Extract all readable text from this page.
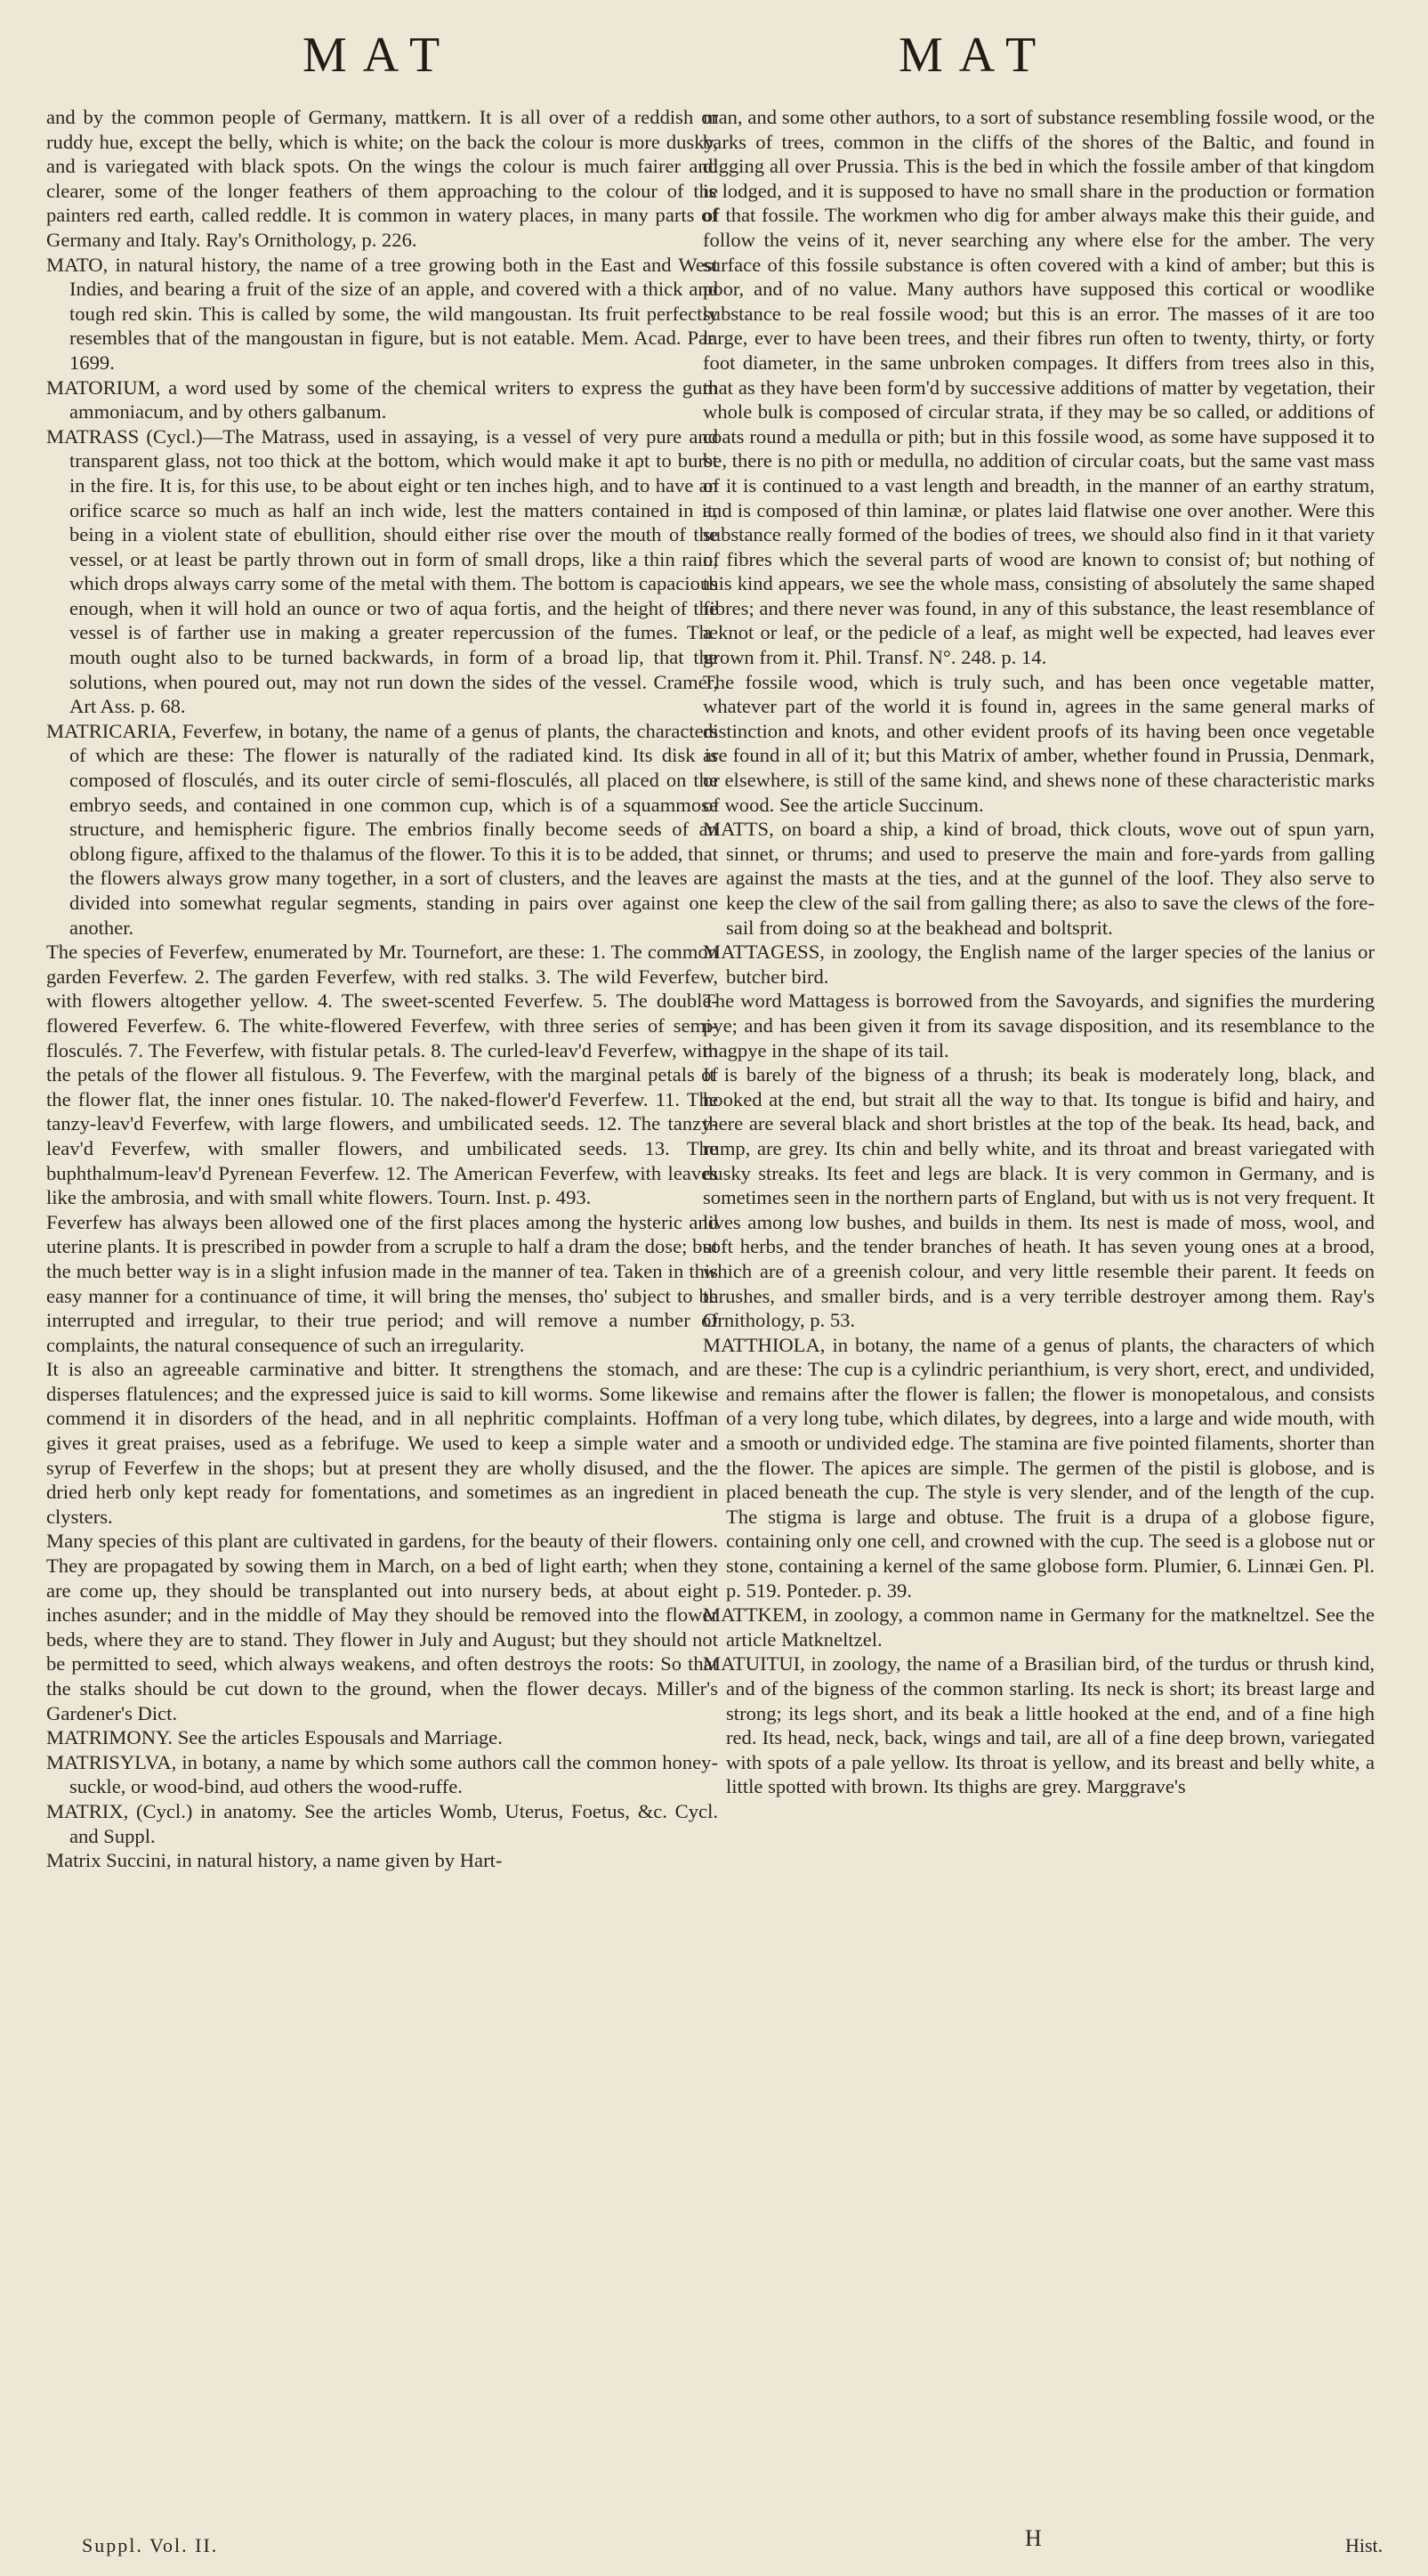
MAT	MAT

and by the common people of Germany, mattkern. It is all over of a reddish or ruddy hue, except the belly, which is white; on the back the colour is more dusky, and is variegated with black spots. On the wings the colour is much fairer and clearer, some of the longer feathers of them approaching to the colour of the painters red earth, called reddle. It is common in watery places, in many parts of Germany and Italy. Ray's Ornithology, p. 226.

MATO, in natural history, the name of a tree growing both in the East and West Indies, and bearing a fruit of the size of an apple, and covered with a thick and tough red skin. This is called by some, the wild mangoustan. Its fruit perfectly resembles that of the mangoustan in figure, but is not eatable. Mem. Acad. Par. 1699.

MATORIUM, a word used by some of the chemical writers to express the gum ammoniacum, and by others galbanum.

MATRASS (Cycl.)—The Matrass, used in assaying, is a vessel of very pure and transparent glass, not too thick at the bottom, which would make it apt to burst in the fire. It is, for this use, to be about eight or ten inches high, and to have an orifice scarce so much as half an inch wide, lest the matters contained in it, being in a violent state of ebullition, should either rise over the mouth of the vessel, or at least be partly thrown out in form of small drops, like a thin rain, which drops always carry some of the metal with them. The bottom is capacious enough, when it will hold an ounce or two of aqua fortis, and the height of the vessel is of farther use in making a greater repercussion of the fumes. The mouth ought also to be turned backwards, in form of a broad lip, that the solutions, when poured out, may not run down the sides of the vessel. Cramer, Art Ass. p. 68.

MATRICARIA, Feverfew, in botany, the name of a genus of plants, the characters of which are these: The flower is naturally of the radiated kind. Its disk is composed of flosculés, and its outer circle of semi-flosculés, all placed on the embryo seeds, and contained in one common cup, which is of a squammose structure, and hemispheric figure. The embrios finally become seeds of an oblong figure, affixed to the thalamus of the flower. To this it is to be added, that the flowers always grow many together, in a sort of clusters, and the leaves are divided into somewhat regular segments, standing in pairs over against one another.

The species of Feverfew, enumerated by Mr. Tournefort, are these: 1. The common garden Feverfew. 2. The garden Feverfew, with red stalks. 3. The wild Feverfew, with flowers altogether yellow. 4. The sweet-scented Feverfew. 5. The double-flowered Feverfew. 6. The white-flowered Feverfew, with three series of semi-flosculés. 7. The Feverfew, with fistular petals. 8. The curled-leav'd Feverfew, with the petals of the flower all fistulous. 9. The Feverfew, with the marginal petals of the flower flat, the inner ones fistular. 10. The naked-flower'd Feverfew. 11. The tanzy-leav'd Feverfew, with large flowers, and umbilicated seeds. 12. The tanzy-leav'd Feverfew, with smaller flowers, and umbilicated seeds. 13. The buphthalmum-leav'd Pyrenean Feverfew. 12. The American Feverfew, with leaves like the ambrosia, and with small white flowers. Tourn. Inst. p. 493.

Feverfew has always been allowed one of the first places among the hysteric and uterine plants. It is prescribed in powder from a scruple to half a dram the dose; but the much better way is in a slight infusion made in the manner of tea. Taken in this easy manner for a continuance of time, it will bring the menses, tho' subject to be interrupted and irregular, to their true period; and will remove a number of complaints, the natural consequence of such an irregularity.

It is also an agreeable carminative and bitter. It strengthens the stomach, and disperses flatulences; and the expressed juice is said to kill worms. Some likewise commend it in disorders of the head, and in all nephritic complaints. Hoffman gives it great praises, used as a febrifuge. We used to keep a simple water and syrup of Feverfew in the shops; but at present they are wholly disused, and the dried herb only kept ready for fomentations, and sometimes as an ingredient in clysters.

Many species of this plant are cultivated in gardens, for the beauty of their flowers. They are propagated by sowing them in March, on a bed of light earth; when they are come up, they should be transplanted out into nursery beds, at about eight inches asunder; and in the middle of May they should be removed into the flower beds, where they are to stand. They flower in July and August; but they should not be permitted to seed, which always weakens, and often destroys the roots: So that the stalks should be cut down to the ground, when the flower decays. Miller's Gardener's Dict.

MATRIMONY. See the articles Espousals and Marriage.

MATRISYLVA, in botany, a name by which some authors call the common honey-suckle, or wood-bind, aud others the wood-ruffe.

MATRIX, (Cycl.) in anatomy. See the articles Womb, Uterus, Foetus, &c. Cycl. and Suppl.

Matrix Succini, in natural history, a name given by Hart-

man, and some other authors, to a sort of substance resembling fossile wood, or the barks of trees, common in the cliffs of the shores of the Baltic, and found in digging all over Prussia. This is the bed in which the fossile amber of that kingdom is lodged, and it is supposed to have no small share in the production or formation of that fossile. The workmen who dig for amber always make this their guide, and follow the veins of it, never searching any where else for the amber. The very surface of this fossile substance is often covered with a kind of amber; but this is poor, and of no value. Many authors have supposed this cortical or woodlike substance to be real fossile wood; but this is an error. The masses of it are too large, ever to have been trees, and their fibres run often to twenty, thirty, or forty foot diameter, in the same unbroken compages. It differs from trees also in this, that as they have been form'd by successive additions of matter by vegetation, their whole bulk is composed of circular strata, if they may be so called, or additions of coats round a medulla or pith; but in this fossile wood, as some have supposed it to be, there is no pith or medulla, no addition of circular coats, but the same vast mass of it is continued to a vast length and breadth, in the manner of an earthy stratum, and is composed of thin laminæ, or plates laid flatwise one over another. Were this substance really formed of the bodies of trees, we should also find in it that variety of fibres which the several parts of wood are known to consist of; but nothing of this kind appears, we see the whole mass, consisting of absolutely the same shaped fibres; and there never was found, in any of this substance, the least resemblance of a knot or leaf, or the pedicle of a leaf, as might well be expected, had leaves ever grown from it. Phil. Transf. N°. 248. p. 14.

The fossile wood, which is truly such, and has been once vegetable matter, whatever part of the world it is found in, agrees in the same general marks of distinction and knots, and other evident proofs of its having been once vegetable are found in all of it; but this Matrix of amber, whether found in Prussia, Denmark, or elsewhere, is still of the same kind, and shews none of these characteristic marks of wood. See the article Succinum.

MATTS, on board a ship, a kind of broad, thick clouts, wove out of spun yarn, sinnet, or thrums; and used to preserve the main and fore-yards from galling against the masts at the ties, and at the gunnel of the loof. They also serve to keep the clew of the sail from galling there; as also to save the clews of the fore-sail from doing so at the beakhead and boltsprit.

MATTAGESS, in zoology, the English name of the larger species of the lanius or butcher bird.

The word Mattagess is borrowed from the Savoyards, and signifies the murdering pye; and has been given it from its savage disposition, and its resemblance to the magpye in the shape of its tail.

It is barely of the bigness of a thrush; its beak is moderately long, black, and hooked at the end, but strait all the way to that. Its tongue is bifid and hairy, and there are several black and short bristles at the top of the beak. Its head, back, and rump, are grey. Its chin and belly white, and its throat and breast variegated with dusky streaks. Its feet and legs are black. It is very common in Germany, and is sometimes seen in the northern parts of England, but with us is not very frequent. It lives among low bushes, and builds in them. Its nest is made of moss, wool, and soft herbs, and the tender branches of heath. It has seven young ones at a brood, which are of a greenish colour, and very little resemble their parent. It feeds on thrushes, and smaller birds, and is a very terrible destroyer among them. Ray's Ornithology, p. 53.

MATTHIOLA, in botany, the name of a genus of plants, the characters of which are these: The cup is a cylindric perianthium, is very short, erect, and undivided, and remains after the flower is fallen; the flower is monopetalous, and consists of a very long tube, which dilates, by degrees, into a large and wide mouth, with a smooth or undivided edge. The stamina are five pointed filaments, shorter than the flower. The apices are simple. The germen of the pistil is globose, and is placed beneath the cup. The style is very slender, and of the length of the cup. The stigma is large and obtuse. The fruit is a drupa of a globose figure, containing only one cell, and crowned with the cup. The seed is a globose nut or stone, containing a kernel of the same globose form. Plumier, 6. Linnæi Gen. Pl. p. 519. Ponteder. p. 39.

MATTKEM, in zoology, a common name in Germany for the matkneltzel. See the article Matkneltzel.

MATUITUI, in zoology, the name of a Brasilian bird, of the turdus or thrush kind, and of the bigness of the common starling. Its neck is short; its breast large and strong; its legs short, and its beak a little hooked at the end, and of a fine high red. Its head, neck, back, wings and tail, are all of a fine deep brown, variegated with spots of a pale yellow. Its throat is yellow, and its breast and belly white, a little spotted with brown. Its thighs are grey. Marggrave's

Suppl. Vol. II.	H	Hist.
